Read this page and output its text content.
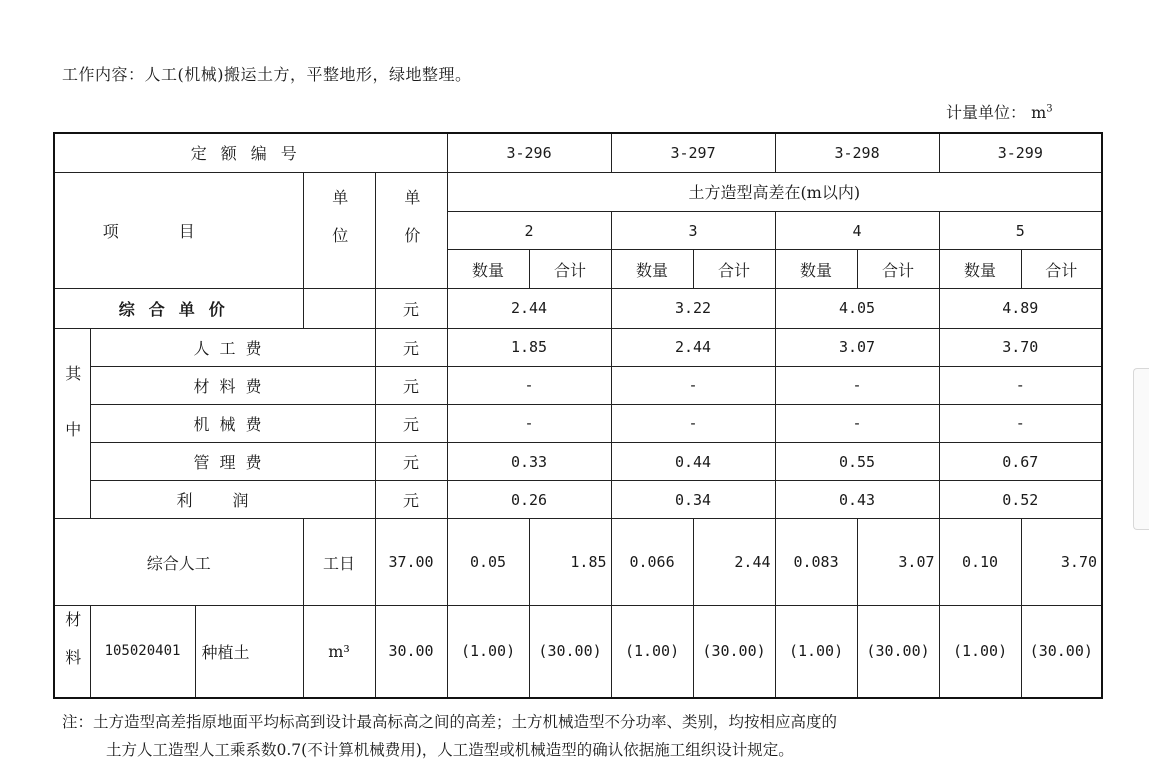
工作内容：人工(机械)搬运土方，平整地形，绿地整理。
计量单位： $m^3$
定额编号					3-296		3-297		3-298		3-299	
项目			单位	单价	土方造型高差在(m以内)							
					2		3		4		5	
					数量	合计	数量	合计	数量	合计	数量	合计
综合单价				元	2.44		3.22		4.05		4.89	
其中	人工费			元	1.85		2.44		3.07		3.70	
	材料费			元	-		-		-		-	
	机械费			元	-		-		-		-	
	管理费			元	0.33		0.44		0.55		0.67	
	利润			元	0.26		0.34		0.43		0.52	
综合人工			工日	37.00	0.05	1.85	0.066	2.44	0.083	3.07	0.10	3.70
材料	105020401	种植土	m³	30.00	(1.00)	(30.00)	(1.00)	(30.00)	(1.00)	(30.00)	(1.00)	(30.00)
注：土方造型高差指原地面平均标高到设计最高标高之间的高差；土方机械造型不分功率、类别，均按相应高度的
土方人工造型人工乘系数0.7(不计算机械费用)，人工造型或机械造型的确认依据施工组织设计规定。
